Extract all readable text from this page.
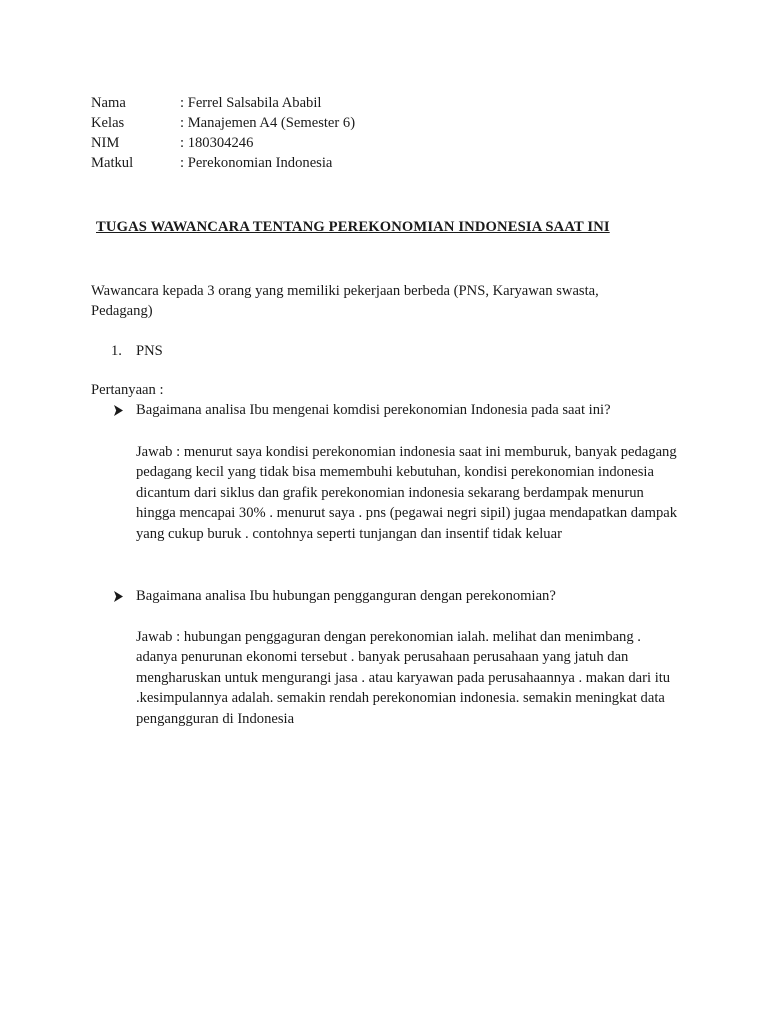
Nama	: Ferrel Salsabila Ababil
Kelas	: Manajemen A4 (Semester 6)
NIM	: 180304246
Matkul	: Perekonomian Indonesia
TUGAS WAWANCARA TENTANG PEREKONOMIAN INDONESIA SAAT INI
Wawancara kepada 3 orang yang memiliki pekerjaan berbeda (PNS, Karyawan swasta, Pedagang)
1. PNS
Pertanyaan :
Bagaimana analisa Ibu mengenai komdisi perekonomian Indonesia pada saat ini?
Jawab : menurut saya kondisi perekonomian indonesia saat ini memburuk, banyak pedagang pedagang kecil yang tidak bisa memembuhi kebutuhan, kondisi perekonomian indonesia dicantum dari siklus dan grafik perekonomian indonesia sekarang berdampak menurun hingga mencapai 30% . menurut saya . pns (pegawai negri sipil) jugaa mendapatkan dampak yang cukup buruk . contohnya seperti tunjangan dan insentif tidak keluar
Bagaimana analisa Ibu hubungan pengganguran dengan perekonomian?
Jawab : hubungan penggaguran dengan perekonomian ialah. melihat dan menimbang . adanya penurunan ekonomi tersebut . banyak perusahaan perusahaan yang jatuh dan mengharuskan untuk mengurangi jasa . atau karyawan pada perusahaannya . makan dari itu .kesimpulannya adalah. semakin rendah perekonomian indonesia. semakin meningkat data pengangguran di Indonesia
